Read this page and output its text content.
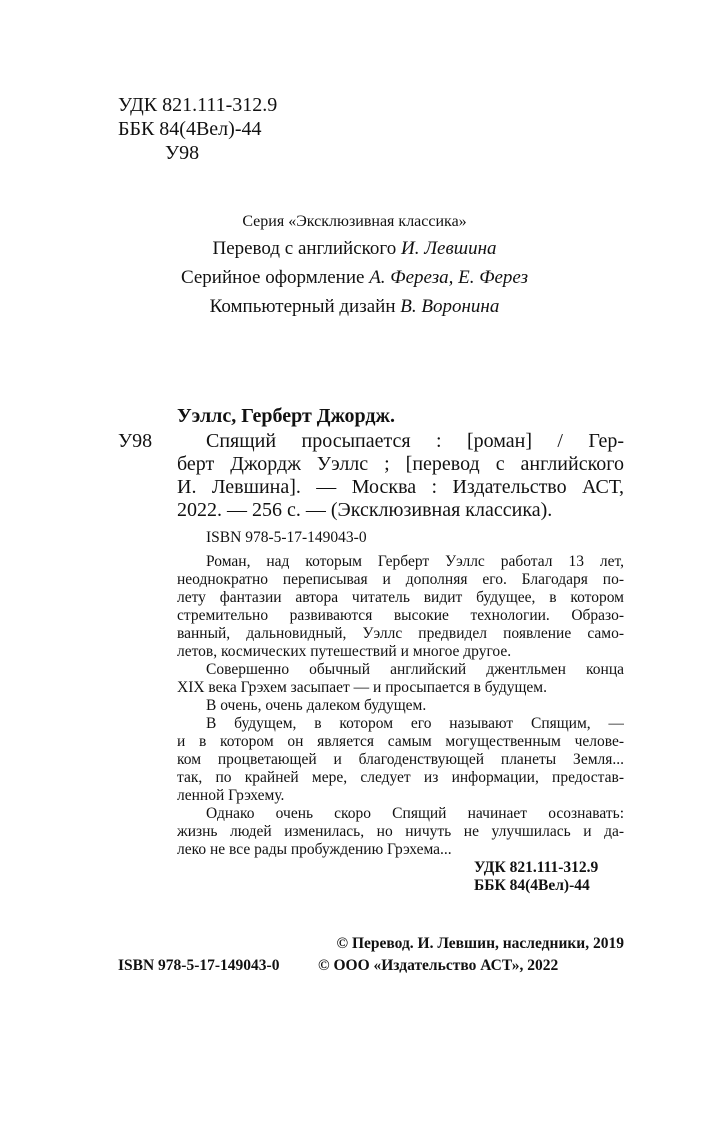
УДК 821.111-312.9
ББК 84(4Вел)-44
У98
Серия «Эксклюзивная классика»
Перевод с английского И. Левшина
Серийное оформление А. Фереза, Е. Ферез
Компьютерный дизайн В. Воронина
Уэллс, Герберт Джордж.
У98	Спящий просыпается : [роман] / Гер-
берт Джордж Уэллс ; [перевод с английского
И. Левшина]. — Москва : Издательство АСТ,
2022. — 256 с. — (Эксклюзивная классика).
ISBN 978-5-17-149043-0
Роман, над которым Герберт Уэллс работал 13 лет,
неоднократно переписывая и дополняя его. Благодаря по-
лету фантазии автора читатель видит будущее, в котором
стремительно развиваются высокие технологии. Образо-
ванный, дальновидный, Уэллс предвидел появление само-
летов, космических путешествий и многое другое.
Совершенно обычный английский джентльмен конца
XIX века Грэхем засыпает — и просыпается в будущем.
В очень, очень далеком будущем.
В будущем, в котором его называют Спящим, —
и в котором он является самым могущественным челове-
ком процветающей и благоденствующей планеты Земля...
так, по крайней мере, следует из информации, предостав-
ленной Грэхему.
Однако очень скоро Спящий начинает осознавать:
жизнь людей изменилась, но ничуть не улучшилась и да-
леко не все рады пробуждению Грэхема...
УДК 821.111-312.9
ББК 84(4Вел)-44
© Перевод. И. Левшин, наследники, 2019
ISBN 978-5-17-149043-0 © ООО «Издательство АСТ», 2022
